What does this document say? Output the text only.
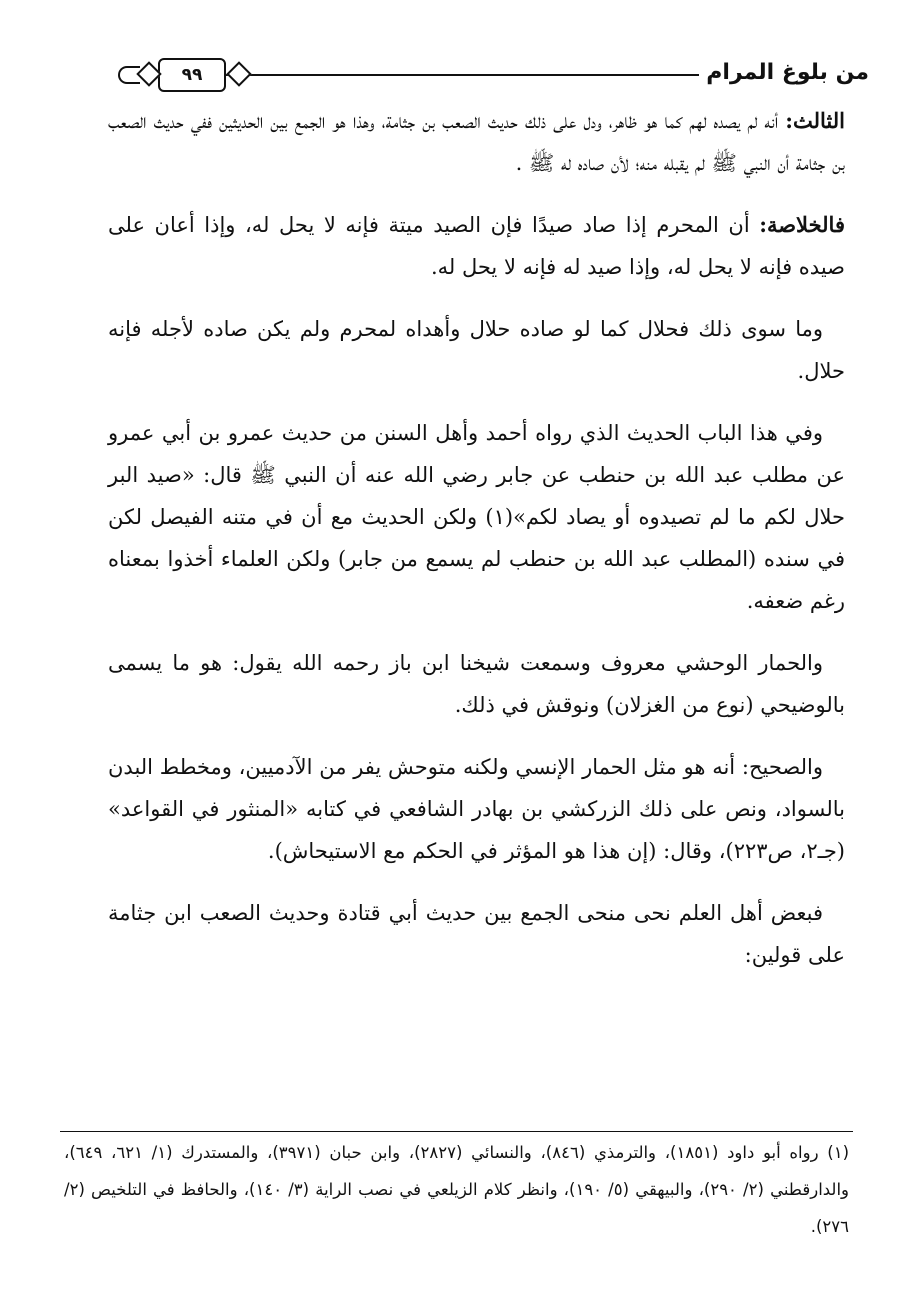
من بلوغ المرام
٩٩

الثالث: أنه لم يصده لهم كما هو ظاهر، ودل على ذلك حديث الصعب بن جثامة، وهذا هو الجمع بين الحديثين ففي حديث الصعب بن جثامة أن النبي ﷺ لم يقبله منه؛ لأن صاده له ﷺ .

فالخلاصة: أن المحرم إذا صاد صيدًا فإن الصيد ميتة فإنه لا يحل له، وإذا أعان على صيده فإنه لا يحل له، وإذا صيد له فإنه لا يحل له.

وما سوى ذلك فحلال كما لو صاده حلال وأهداه لمحرم ولم يكن صاده لأجله فإنه حلال.

وفي هذا الباب الحديث الذي رواه أحمد وأهل السنن من حديث عمرو بن أبي عمرو عن مطلب عبد الله بن حنطب عن جابر رضي الله عنه أن النبي ﷺ قال: «صيد البر حلال لكم ما لم تصيدوه أو يصاد لكم»(١) ولكن الحديث مع أن في متنه الفيصل لكن في سنده (المطلب عبد الله بن حنطب لم يسمع من جابر) ولكن العلماء أخذوا بمعناه رغم ضعفه.

والحمار الوحشي معروف وسمعت شيخنا ابن باز رحمه الله يقول: هو ما يسمى بالوضيحي (نوع من الغزلان) ونوقش في ذلك.

والصحيح: أنه هو مثل الحمار الإنسي ولكنه متوحش يفر من الآدميين، ومخطط البدن بالسواد، ونص على ذلك الزركشي بن بهادر الشافعي في كتابه «المنثور في القواعد» (جـ٢، ص٢٢٣)، وقال: (إن هذا هو المؤثر في الحكم مع الاستيحاش).

فبعض أهل العلم نحى منحى الجمع بين حديث أبي قتادة وحديث الصعب ابن جثامة على قولين:

(١) رواه أبو داود (١٨٥١)، والترمذي (٨٤٦)، والنسائي (٢٨٢٧)، وابن حبان (٣٩٧١)، والمستدرك (١/ ٦٢١، ٦٤٩)، والدارقطني (٢/ ٢٩٠)، والبيهقي (٥/ ١٩٠)، وانظر كلام الزيلعي في نصب الراية (٣/ ١٤٠)، والحافظ في التلخيص (٢/ ٢٧٦).
